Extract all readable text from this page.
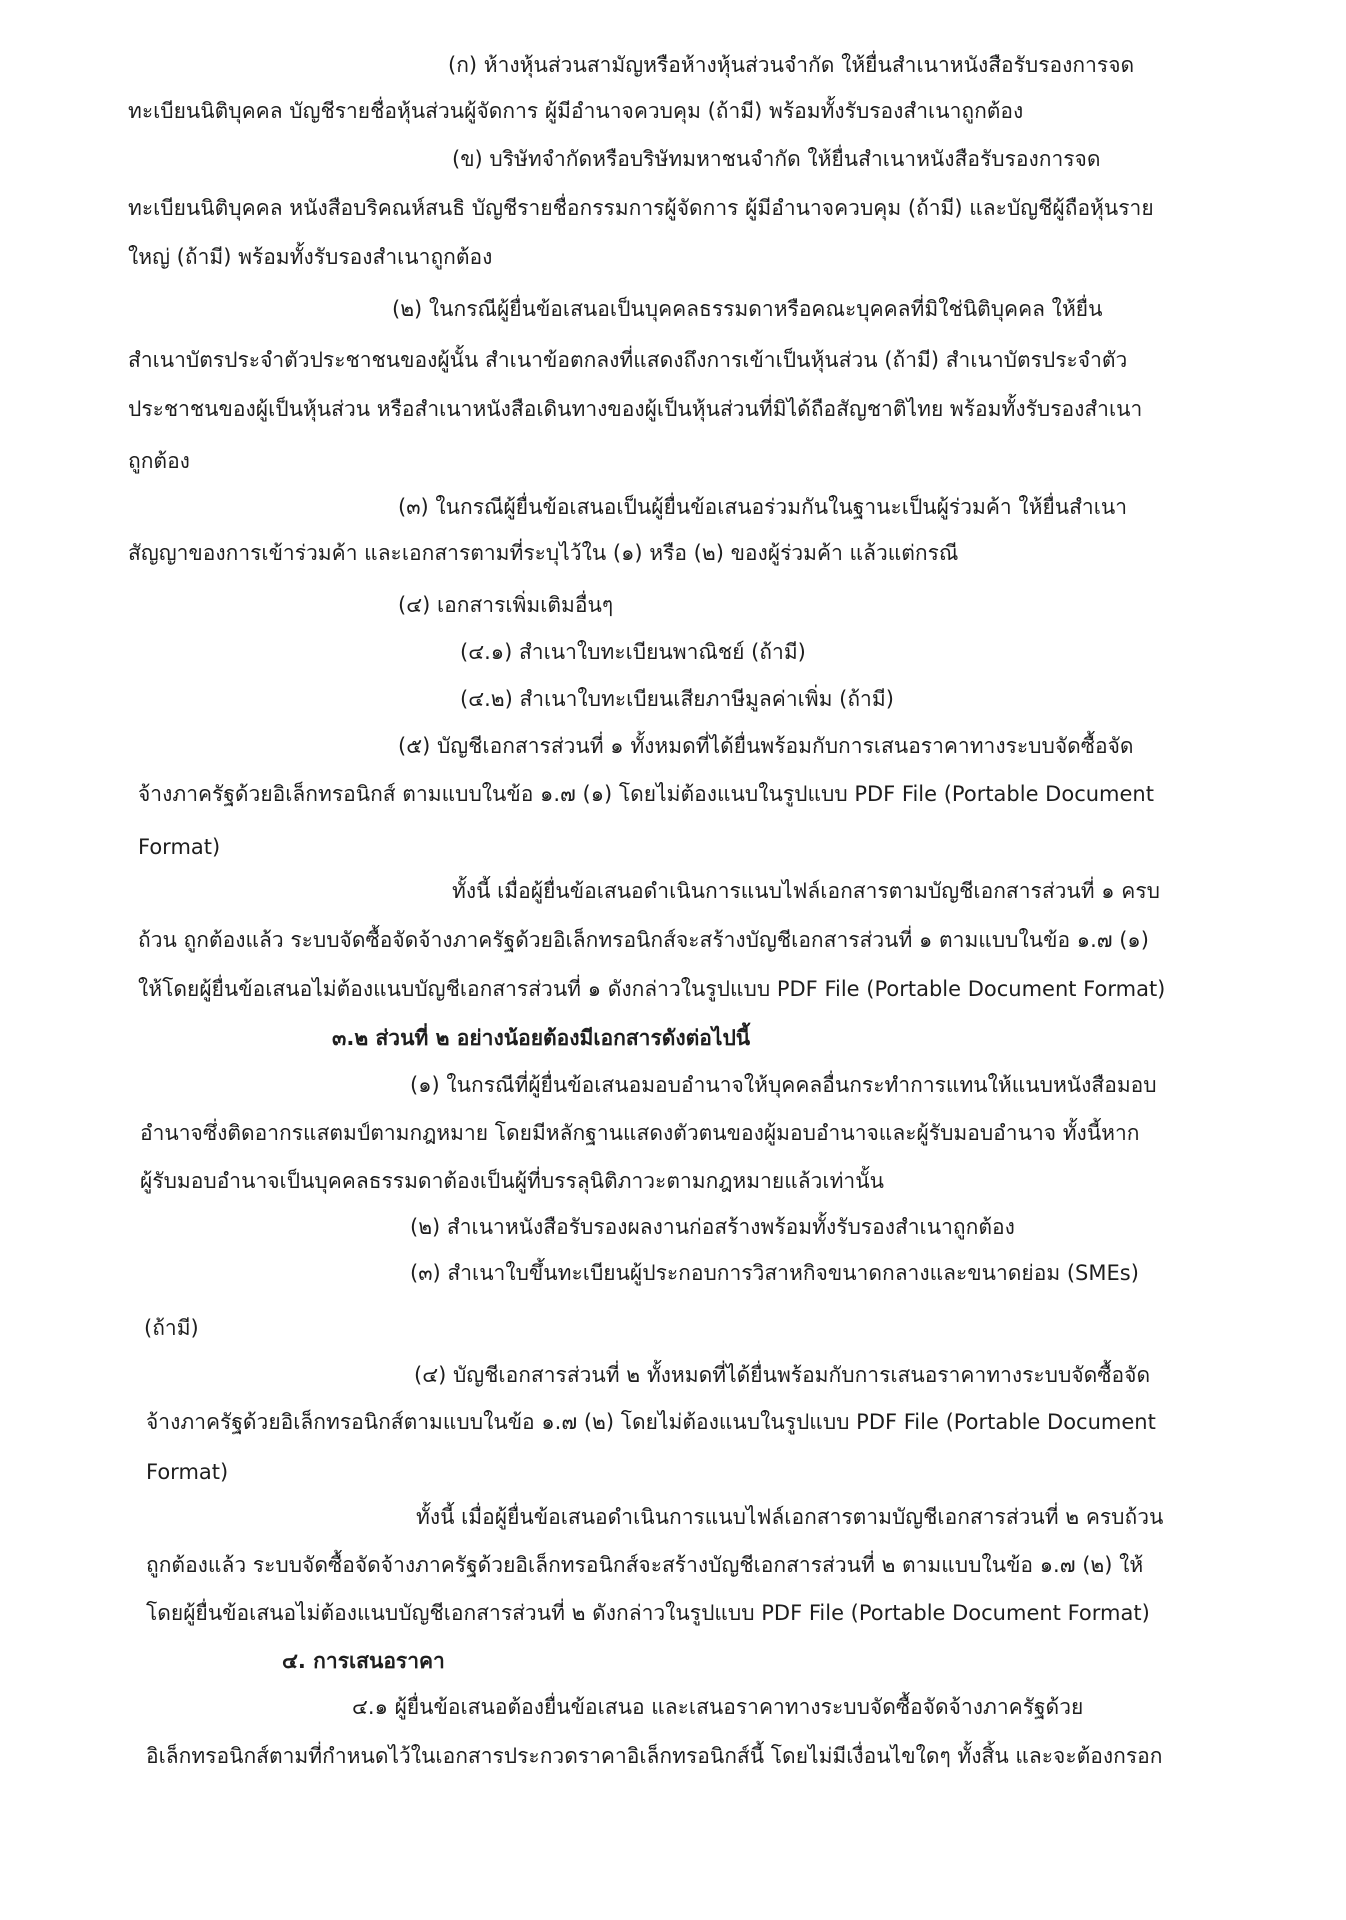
(ก) ห้างหุ้นส่วนสามัญหรือห้างหุ้นส่วนจำกัด ให้ยื่นสำเนาหนังสือรับรองการจด
ทะเบียนนิติบุคคล บัญชีรายชื่อหุ้นส่วนผู้จัดการ ผู้มีอำนาจควบคุม (ถ้ามี) พร้อมทั้งรับรองสำเนาถูกต้อง
(ข) บริษัทจำกัดหรือบริษัทมหาชนจำกัด ให้ยื่นสำเนาหนังสือรับรองการจด
ทะเบียนนิติบุคคล หนังสือบริคณห์สนธิ บัญชีรายชื่อกรรมการผู้จัดการ ผู้มีอำนาจควบคุม (ถ้ามี) และบัญชีผู้ถือหุ้นราย
ใหญ่ (ถ้ามี) พร้อมทั้งรับรองสำเนาถูกต้อง
(๒) ในกรณีผู้ยื่นข้อเสนอเป็นบุคคลธรรมดาหรือคณะบุคคลที่มิใช่นิติบุคคล ให้ยื่น
สำเนาบัตรประจำตัวประชาชนของผู้นั้น สำเนาข้อตกลงที่แสดงถึงการเข้าเป็นหุ้นส่วน (ถ้ามี) สำเนาบัตรประจำตัว
ประชาชนของผู้เป็นหุ้นส่วน หรือสำเนาหนังสือเดินทางของผู้เป็นหุ้นส่วนที่มิได้ถือสัญชาติไทย พร้อมทั้งรับรองสำเนา
ถูกต้อง
(๓) ในกรณีผู้ยื่นข้อเสนอเป็นผู้ยื่นข้อเสนอร่วมกันในฐานะเป็นผู้ร่วมค้า ให้ยื่นสำเนา
สัญญาของการเข้าร่วมค้า และเอกสารตามที่ระบุไว้ใน (๑) หรือ (๒) ของผู้ร่วมค้า แล้วแต่กรณี
(๔) เอกสารเพิ่มเติมอื่นๆ
(๔.๑) สำเนาใบทะเบียนพาณิชย์ (ถ้ามี)
(๔.๒) สำเนาใบทะเบียนเสียภาษีมูลค่าเพิ่ม (ถ้ามี)
(๕) บัญชีเอกสารส่วนที่ ๑ ทั้งหมดที่ได้ยื่นพร้อมกับการเสนอราคาทางระบบจัดซื้อจัด
จ้างภาครัฐด้วยอิเล็กทรอนิกส์ ตามแบบในข้อ ๑.๗ (๑) โดยไม่ต้องแนบในรูปแบบ PDF File (Portable Document
Format)
ทั้งนี้ เมื่อผู้ยื่นข้อเสนอดำเนินการแนบไฟล์เอกสารตามบัญชีเอกสารส่วนที่ ๑ ครบ
ถ้วน ถูกต้องแล้ว ระบบจัดซื้อจัดจ้างภาครัฐด้วยอิเล็กทรอนิกส์จะสร้างบัญชีเอกสารส่วนที่ ๑ ตามแบบในข้อ ๑.๗ (๑)
ให้โดยผู้ยื่นข้อเสนอไม่ต้องแนบบัญชีเอกสารส่วนที่ ๑ ดังกล่าวในรูปแบบ PDF File (Portable Document Format)
๓.๒ ส่วนที่ ๒ อย่างน้อยต้องมีเอกสารดังต่อไปนี้
(๑) ในกรณีที่ผู้ยื่นข้อเสนอมอบอำนาจให้บุคคลอื่นกระทำการแทนให้แนบหนังสือมอบ
อำนาจซึ่งติดอากรแสตมป์ตามกฎหมาย โดยมีหลักฐานแสดงตัวตนของผู้มอบอำนาจและผู้รับมอบอำนาจ ทั้งนี้หาก
ผู้รับมอบอำนาจเป็นบุคคลธรรมดาต้องเป็นผู้ที่บรรลุนิติภาวะตามกฎหมายแล้วเท่านั้น
(๒) สำเนาหนังสือรับรองผลงานก่อสร้างพร้อมทั้งรับรองสำเนาถูกต้อง
(๓) สำเนาใบขึ้นทะเบียนผู้ประกอบการวิสาหกิจขนาดกลางและขนาดย่อม (SMEs)
(ถ้ามี)
(๔) บัญชีเอกสารส่วนที่ ๒ ทั้งหมดที่ได้ยื่นพร้อมกับการเสนอราคาทางระบบจัดซื้อจัด
จ้างภาครัฐด้วยอิเล็กทรอนิกส์ตามแบบในข้อ ๑.๗ (๒) โดยไม่ต้องแนบในรูปแบบ PDF File (Portable Document
Format)
ทั้งนี้ เมื่อผู้ยื่นข้อเสนอดำเนินการแนบไฟล์เอกสารตามบัญชีเอกสารส่วนที่ ๒ ครบถ้วน
ถูกต้องแล้ว ระบบจัดซื้อจัดจ้างภาครัฐด้วยอิเล็กทรอนิกส์จะสร้างบัญชีเอกสารส่วนที่ ๒ ตามแบบในข้อ ๑.๗ (๒) ให้
โดยผู้ยื่นข้อเสนอไม่ต้องแนบบัญชีเอกสารส่วนที่ ๒ ดังกล่าวในรูปแบบ PDF File (Portable Document Format)
๔. การเสนอราคา
๔.๑ ผู้ยื่นข้อเสนอต้องยื่นข้อเสนอ และเสนอราคาทางระบบจัดซื้อจัดจ้างภาครัฐด้วย
อิเล็กทรอนิกส์ตามที่กำหนดไว้ในเอกสารประกวดราคาอิเล็กทรอนิกส์นี้ โดยไม่มีเงื่อนไขใดๆ ทั้งสิ้น และจะต้องกรอก
